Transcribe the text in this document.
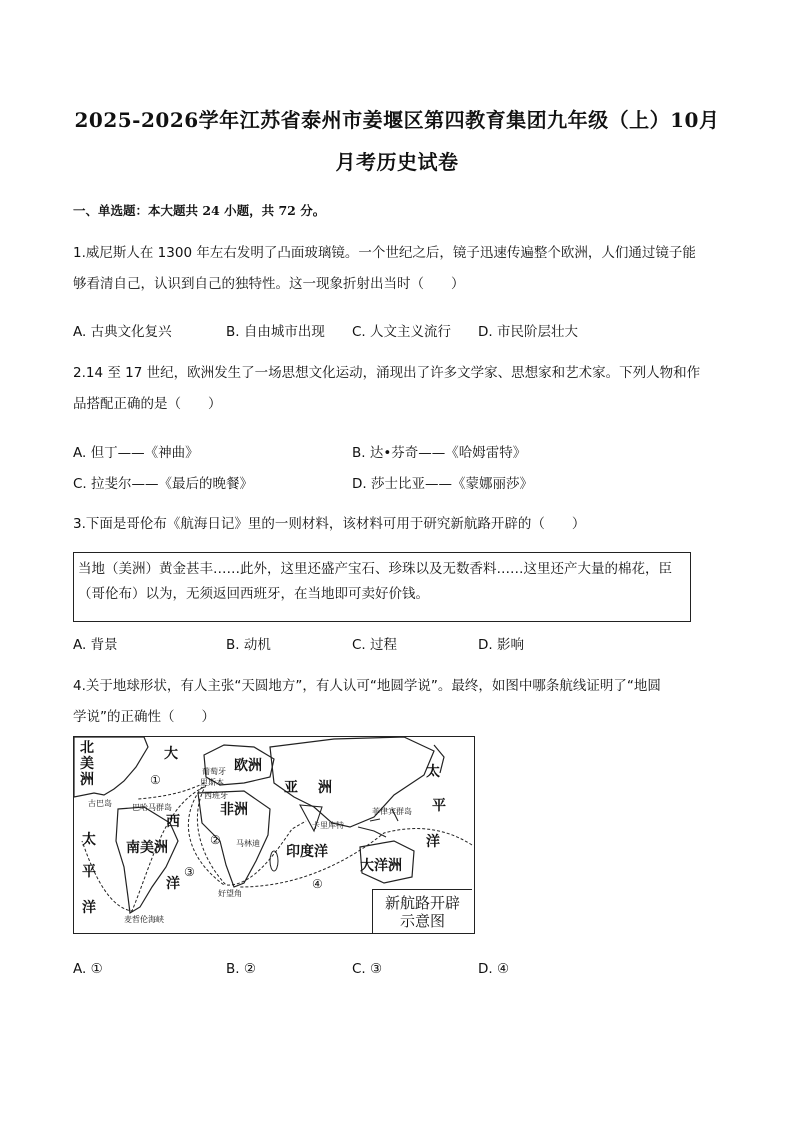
2025-2026学年江苏省泰州市姜堰区第四教育集团九年级（上）10月
月考历史试卷
一、单选题：本大题共 24 小题，共 72 分。
1.威尼斯人在 1300 年左右发明了凸面玻璃镜。一个世纪之后，镜子迅速传遍整个欧洲，人们通过镜子能
够看清自己，认识到自己的独特性。这一现象折射出当时（　　）
A. 古典文化复兴	B. 自由城市出现 C. 人文主义流行 D. 市民阶层壮大
2.14 至 17 世纪，欧洲发生了一场思想文化运动，涌现出了许多文学家、思想家和艺术家。下列人物和作
品搭配正确的是（　　）
A. 但丁——《神曲》	B. 达•芬奇——《哈姆雷特》
C. 拉斐尔——《最后的晚餐》	D. 莎士比亚——《蒙娜丽莎》
3.下面是哥伦布《航海日记》里的一则材料，该材料可用于研究新航路开辟的（　　）
当地（美洲）黄金甚丰……此外，这里还盛产宝石、珍珠以及无数香料……这里还产大量的棉花，臣
（哥伦布）以为，无须返回西班牙，在当地即可卖好价钱。
A. 背景	B. 动机	C. 过程	D. 影响
4.关于地球形状，有人主张“天圆地方”，有人认可“地圆学说”。最终，如图中哪条航线证明了“地圆
学说”的正确性（　　）
北
美
洲
大
西
洋
欧洲
非洲
亚 洲
南美洲	印度洋
大洋洲
太
平
洋
太
平
洋
葡萄牙
里斯本
西班牙
古巴岛	巴哈马群岛
马林迪
卡里库特
菲律宾群岛
好望角
麦哲伦海峡
①
②
③
④
新航路开辟
示意图
A. ①	B. ②	C. ③	D. ④
